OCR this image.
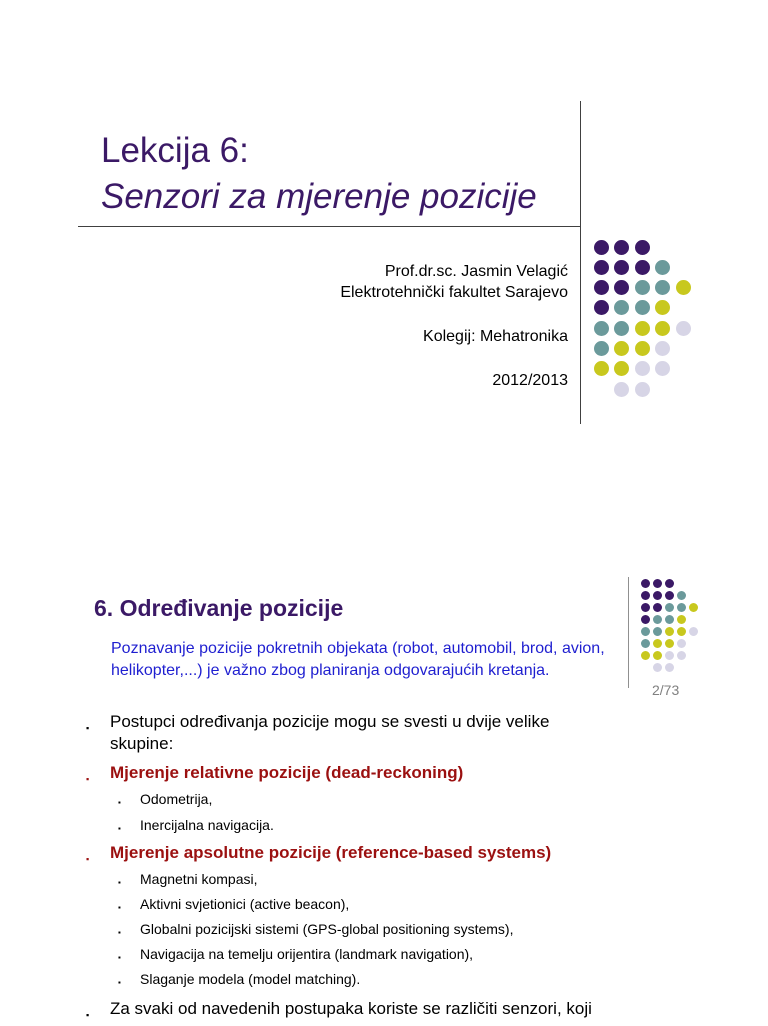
Lekcija 6:
Senzori za mjerenje pozicije
Prof.dr.sc. Jasmin Velagić
Elektrotehnički fakultet Sarajevo
Kolegij: Mehatronika
2012/2013
2/73
6. Određivanje pozicije
Poznavanje pozicije pokretnih objekata (robot, automobil, brod, avion, helikopter,...) je važno zbog planiranja odgovarajućih kretanja.
▪ Postupci određivanja pozicije mogu se svesti u dvije velike
skupine:
▪ Mjerenje relativne pozicije (dead-reckoning)
▪ Odometrija,
▪ Inercijalna navigacija.
▪ Mjerenje apsolutne pozicije (reference-based systems)
▪ Magnetni kompasi,
▪ Aktivni svjetionici (active beacon),
▪ Globalni pozicijski sistemi (GPS-global positioning systems),
▪ Navigacija na temelju orijentira (landmark navigation),
▪ Slaganje modela (model matching).
▪ Za svaki od navedenih postupaka koriste se različiti senzori, koji
